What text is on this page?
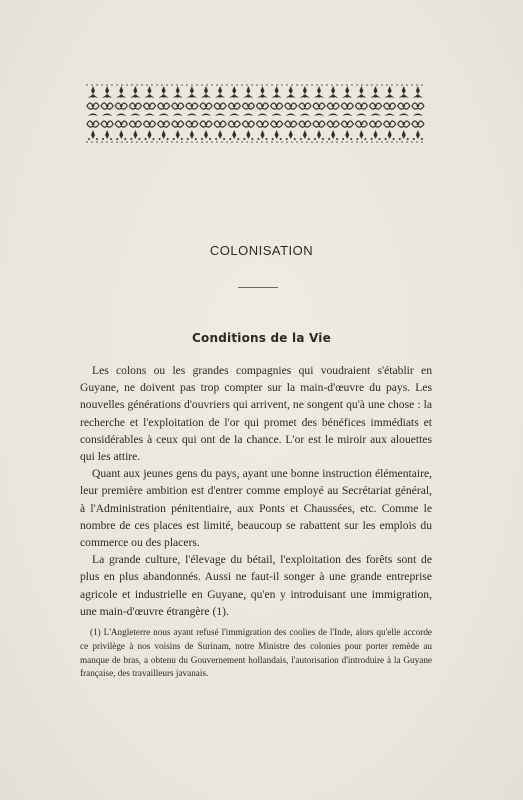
COLONISATION
Conditions de la Vie

Les colons ou les grandes compagnies qui voudraient s'établir en Guyane, ne doivent pas trop compter sur la main-d'œuvre du pays. Les nouvelles générations d'ouvriers qui arrivent, ne songent qu'à une chose : la recherche et l'exploitation de l'or qui promet des bénéfices immédiats et considérables à ceux qui ont de la chance. L'or est le miroir aux alouettes qui les attire.

Quant aux jeunes gens du pays, ayant une bonne instruction élémentaire, leur première ambition est d'entrer comme employé au Secrétariat général, à l'Administration pénitentiaire, aux Ponts et Chaussées, etc. Comme le nombre de ces places est limité, beaucoup se rabattent sur les emplois du commerce ou des placers.

La grande culture, l'élevage du bétail, l'exploitation des forêts sont de plus en plus abandonnés. Aussi ne faut-il songer à une grande entreprise agricole et industrielle en Guyane, qu'en y introduisant une immigration, une main-d'œuvre étrangère (1).

(1) L'Angleterre nous ayant refusé l'immigration des coolies de l'Inde, alors qu'elle accorde ce privilège à nos voisins de Surinam, notre Ministre des colonies pour porter remède au manque de bras, a obtenu du Gouvernement hollandais, l'autorisation d'introduire à la Guyane française, des travailleurs javanais.
